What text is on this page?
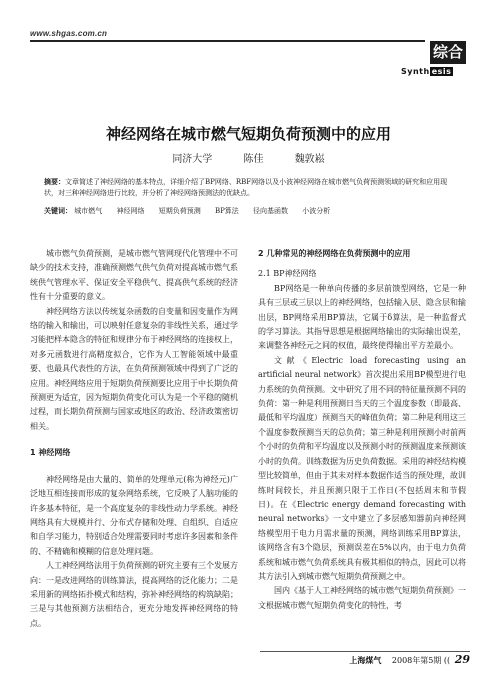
www.shgas.com.cn
综合
Synth esis
神经网络在城市燃气短期负荷预测中的应用
同济大学	陈佳	魏敦崧
摘要：文章简述了神经网络的基本特点，详细介绍了BP网络、RBF网络以及小波神经网络在城市燃气负荷预测领域的研究和应用现状，对三种神经网络进行比较，并分析了神经网络预测法的优缺点。
关键词： 城市燃气 神经网络 短期负荷预测 BP算法 径向基函数 小波分析

城市燃气负荷预测，是城市燃气管网现代化管理中不可缺少的技术支持，准确预测燃气供气负荷对提高城市燃气系统供气管理水平、保证安全平稳供气、提高供气系统的经济性有十分重要的意义。

神经网络方法以传统复杂函数的自变量和因变量作为网络的输入和输出，可以映射任意复杂的非线性关系，通过学习能把样本隐含的特征和规律分布于神经网络的连接权上，对多元函数进行高精度拟合，它作为人工智能领域中最重要、也最具代表性的方法，在负荷预测领域中得到了广泛的应用。神经网络应用于短期负荷预测要比应用于中长期负荷预测更为适宜，因为短期负荷变化可认为是一个平稳的随机过程，而长期负荷预测与国家或地区的政治、经济政策密切相关。

1 神经网络

神经网络是由大量的、简单的处理单元(称为神经元)广泛地互相连接而形成的复杂网络系统，它反映了人脑功能的许多基本特征，是一个高度复杂的非线性动力学系统。神经网络具有大规模并行、分布式存储和处理、自组织、自适应和自学习能力，特别适合处理需要同时考虑许多因素和条件的、不精确和模糊的信息处理问题。

人工神经网络法用于负荷预测的研究主要有三个发展方向：一是改进网络的训练算法，提高网络的泛化能力；二是采用新的网络拓扑模式和结构，弥补神经网络的构筑缺陷；三是与其他预测方法相结合，更充分地发挥神经网络的特点。

2 几种常见的神经网络在负荷预测中的应用
2.1 BP神经网络

BP网络是一种单向传播的多层前馈型网络，它是一种具有三层或三层以上的神经网络，包括输入层、隐含层和输出层，BP网络采用BP算法，它属于δ算法，是一种监督式的学习算法。其指导思想是根据网络输出的实际输出误差，来调整各神经元之间的权值，最终使得输出平方差最小。

文献《Electric load forecasting using an artificial neural network》首次提出采用BP模型进行电力系统的负荷预测。文中研究了用不同的特征量预测不同的负荷：第一种是利用预测日当天的三个温度参数（即最高、最低和平均温度）预测当天的峰值负荷；第二种是利用这三个温度参数预测当天的总负荷；第三种是利用预测小时前两个小时的负荷和平均温度以及预测小时的预测温度来预测该小时的负荷。训练数据为历史负荷数据。采用的神经结构模型比较简单，但由于其未对样本数据作适当的预处理，故训练时间较长，并且预测只限于工作日(不包括周末和节假日)。在《Electric energy demand forecasting with neural networks》一文中建立了多层感知器前向神经网络模型用于电力月需求量的预测，网络训练采用BP算法，该网络含有3个隐层，预测误差在5%以内，由于电力负荷系统和城市燃气负荷系统具有极其相似的特点，因此可以将其方法引入到城市燃气短期负荷预测之中。

国内《基于人工神经网络的城市燃气短期负荷预测》一文根据城市燃气短期负荷变化的特性，考

上海煤气 2008年第5期 (( 29
